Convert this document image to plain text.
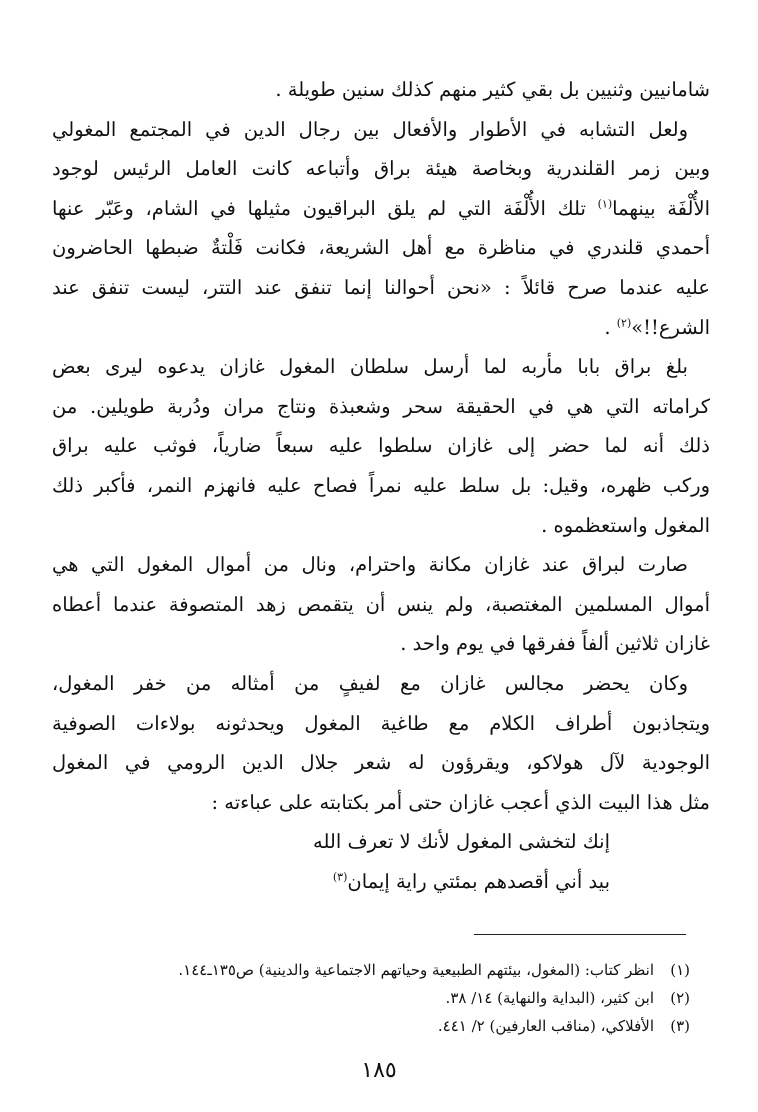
شامانيين وثنيين بل بقي كثير منهم كذلك سنين طويلة .
ولعل التشابه في الأطوار والأفعال بين رجال الدين في المجتمع المغولي
وبين زمر القلندرية وبخاصة هيئة براق وأتباعه كانت العامل الرئيس لوجود
الأُلْفَة بينهما$^{(١)}$ تلك الأُلْفَة التي لم يلق البراقيون مثيلها في الشام، وعَبّر عنها
أحمدي قلندري في مناظرة مع أهل الشريعة، فكانت فَلْتةٌ ضبطها الحاضرون
عليه عندما صرح قائلاً : «نحن أحوالنا إنما تنفق عند التتر، ليست تنفق عند
الشرع!!»$^{(٢)}$ .
بلغ براق بابا مأربه لما أرسل سلطان المغول غازان يدعوه ليرى بعض
كراماته التي هي في الحقيقة سحر وشعبذة ونتاج مران ودُربة طويلين. من
ذلك أنه لما حضر إلى غازان سلطوا عليه سبعاً ضارياً، فوثب عليه براق
وركب ظهره، وقيل: بل سلط عليه نمراً فصاح عليه فانهزم النمر، فأكبر ذلك
المغول واستعظموه .
صارت لبراق عند غازان مكانة واحترام، ونال من أموال المغول التي هي
أموال المسلمين المغتصبة، ولم ينس أن يتقمص زهد المتصوفة عندما أعطاه
غازان ثلاثين ألفاً ففرقها في يوم واحد .
وكان يحضر مجالس غازان مع لفيفٍ من أمثاله من خفر المغول،
ويتجاذبون أطراف الكلام مع طاغية المغول ويحدثونه بولاءات الصوفية
الوجودية لآل هولاكو، ويقرؤون له شعر جلال الدين الرومي في المغول
مثل هذا البيت الذي أعجب غازان حتى أمر بكتابته على عباءته :
إنك لتخشى المغول لأنك لا تعرف الله
بيد أني أقصدهم بمئتي راية إيمان$^{(٣)}$
(١)انظر كتاب: (المغول، بيئتهم الطبيعية وحياتهم الاجتماعية والدينية) ص١٣٥ـ١٤٤.
(٢)ابن كثير، (البداية والنهاية) ١٤/ ٣٨.
(٣)الأفلاكي، (مناقب العارفين) ٢/ ٤٤١.
١٨٥
